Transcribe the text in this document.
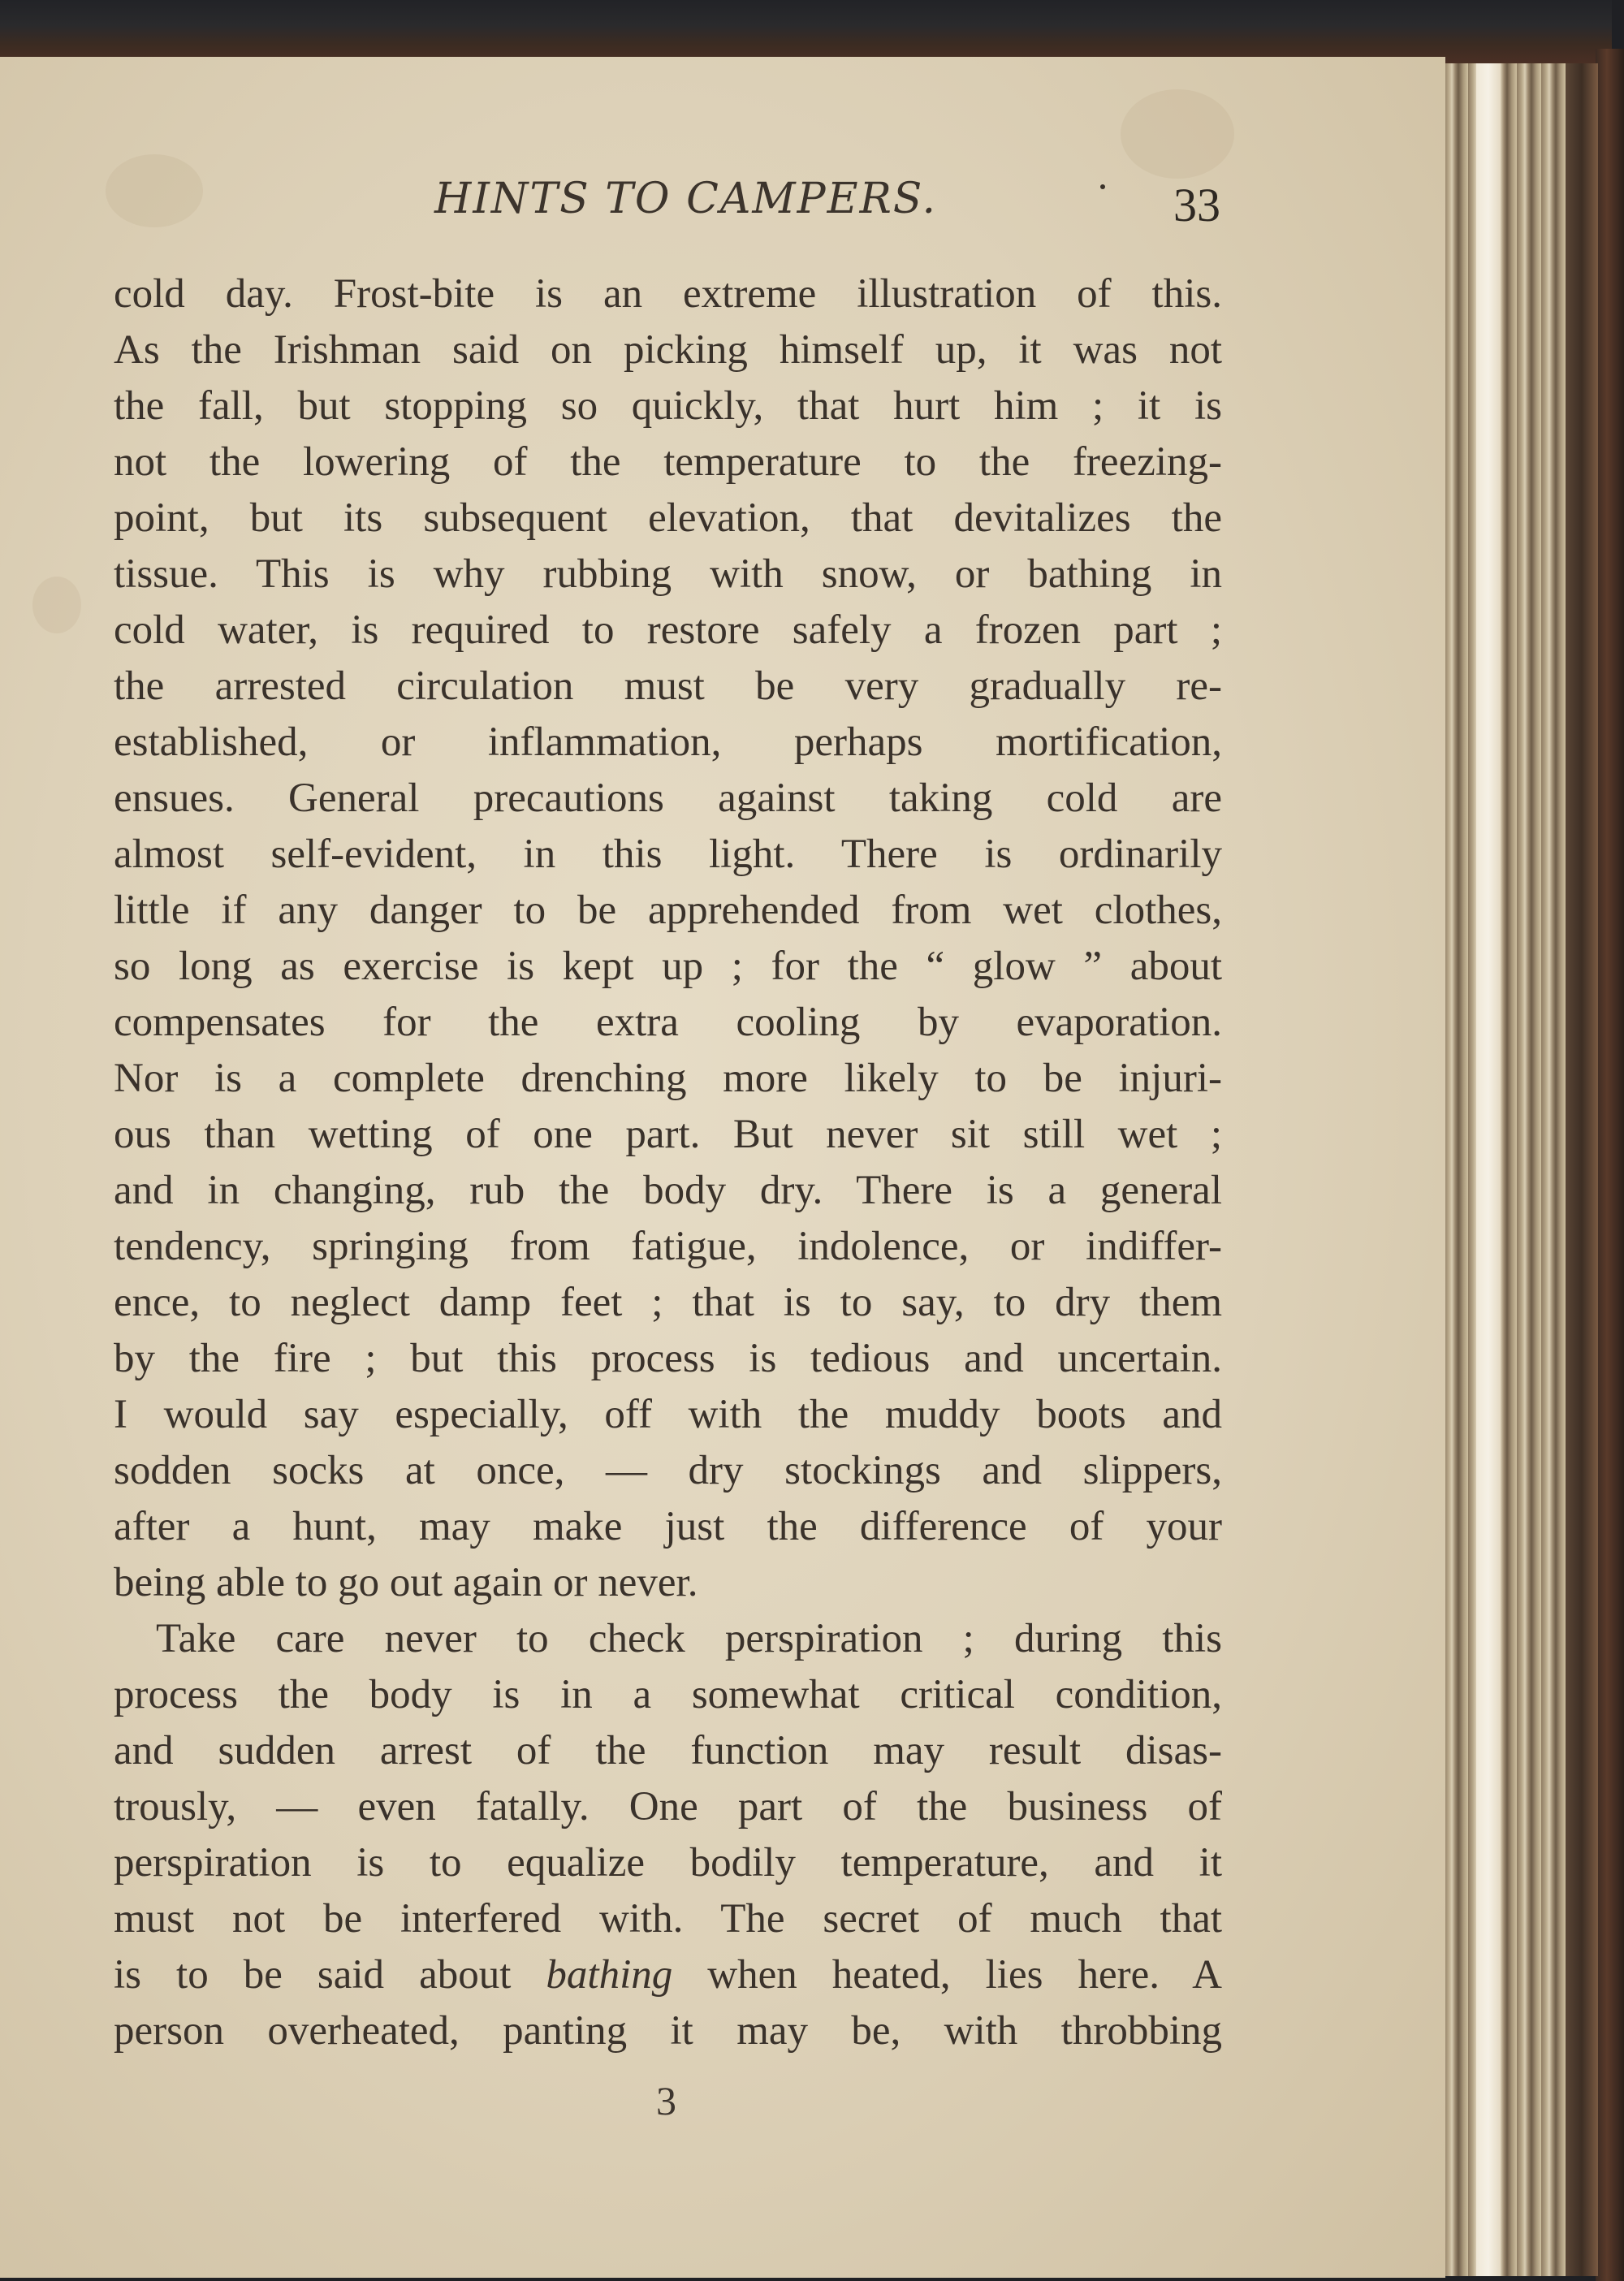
HINTS TO CAMPERS.	33
cold day. Frost-bite is an extreme illustration of this.
As the Irishman said on picking himself up, it was not
the fall, but stopping so quickly, that hurt him ; it is
not the lowering of the temperature to the freezing-
point, but its subsequent elevation, that devitalizes the
tissue. This is why rubbing with snow, or bathing in
cold water, is required to restore safely a frozen part ;
the arrested circulation must be very gradually re-
established, or inflammation, perhaps mortification,
ensues. General precautions against taking cold are
almost self-evident, in this light. There is ordinarily
little if any danger to be apprehended from wet clothes,
so long as exercise is kept up ; for the “ glow ” about
compensates for the extra cooling by evaporation.
Nor is a complete drenching more likely to be injuri-
ous than wetting of one part. But never sit still wet ;
and in changing, rub the body dry. There is a general
tendency, springing from fatigue, indolence, or indiffer-
ence, to neglect damp feet ; that is to say, to dry them
by the fire ; but this process is tedious and uncertain.
I would say especially, off with the muddy boots and
sodden socks at once, — dry stockings and slippers,
after a hunt, may make just the difference of your
being able to go out again or never.
Take care never to check perspiration ; during this
process the body is in a somewhat critical condition,
and sudden arrest of the function may result disas-
trously, — even fatally. One part of the business of
perspiration is to equalize bodily temperature, and it
must not be interfered with. The secret of much that
is to be said about bathing when heated, lies here. A
person overheated, panting it may be, with throbbing
3
